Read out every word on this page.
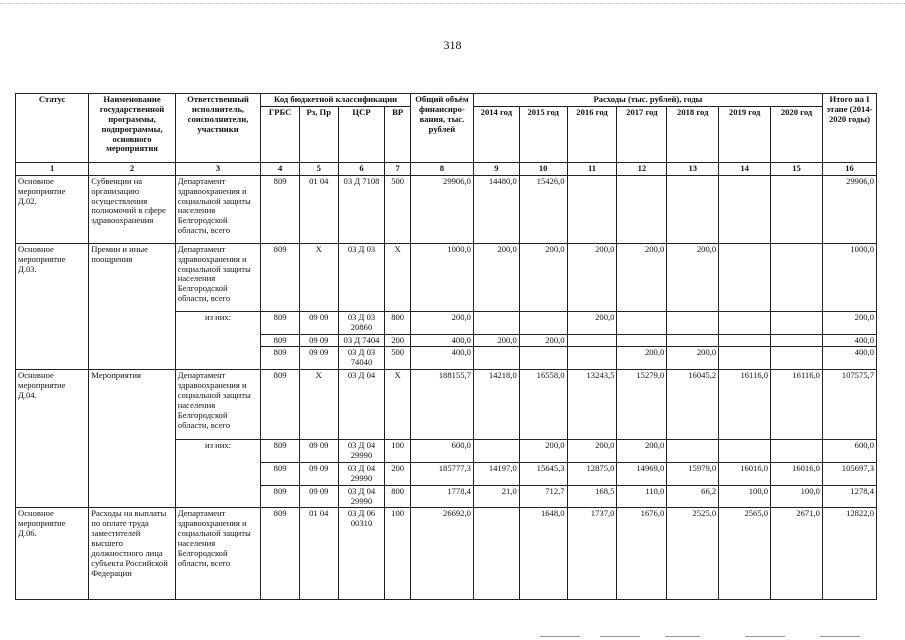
318
Статус	Наименование государственной программы, подпрограммы, основного мероприятия	Ответственный исполнитель, соисполнители, участники	Код бюджетной классификации				Общий объём финансиро-вания, тыс. рублей	Расходы (тыс. рублей), годы							Итого на I этапе (2014-2020 годы)
			ГРБС	Рз, Пр	ЦСР	ВР		2014 год	2015 год	2016 год	2017 год	2018 год	2019 год	2020 год	
1	2	3	4	5	6	7	8	9	10	11	12	13	14	15	16
Основное мероприятие Д.02.	Субвенции на организацию осуществления полномочий в сфере здравоохранения	Департамент здравоохранения и социальной защиты населения Белгородской области, всего	809	01 04	03 Д 7108	500	29906,0	14480,0	15426,0						29906,0
Основное мероприятие Д.03.	Премии и иные поощрения	Департамент здравоохранения и социальной защиты населения Белгородской области, всего	809	Х	03 Д 03	Х	1000,0	200,0	200,0	200,0	200,0	200,0			1000,0
		из них:	809	09 09	03 Д 03 20860	800	200,0			200,0					200,0
			809	09 09	03 Д 7404	200	400,0	200,0	200,0						400,0
			809	09 09	03 Д 03 74040	500	400,0				200,0	200,0			400,0
Основное мероприятие Д.04.	Мероприятия	Департамент здравоохранения и социальной защиты населения Белгородской области, всего	809	Х	03 Д 04	Х	188155,7	14218,0	16558,0	13243,5	15279,0	16045,2	16116,0	16116,0	107575,7
		из них:	809	09 09	03 Д 04 29990	100	600,0		200,0	200,0	200,0				600,0
			809	09 09	03 Д 04 29990	200	185777,3	14197,0	15645,3	12875,0	14969,0	15979,0	16016,0	16016,0	105697,3
			809	09 09	03 Д 04 29990	800	1778,4	21,0	712,7	168,5	110,0	66,2	100,0	100,0	1278,4
Основное мероприятие Д.06.	Расходы на выплаты по оплате труда заместителей высшего должностного лица субъекта Российской Федерации	Департамент здравоохранения и социальной защиты населения Белгородской области, всего	809	01 04	03 Д 06 00310	100	26692,0		1648,0	1737,0	1676,0	2525,0	2565,0	2671,0	12822,0
